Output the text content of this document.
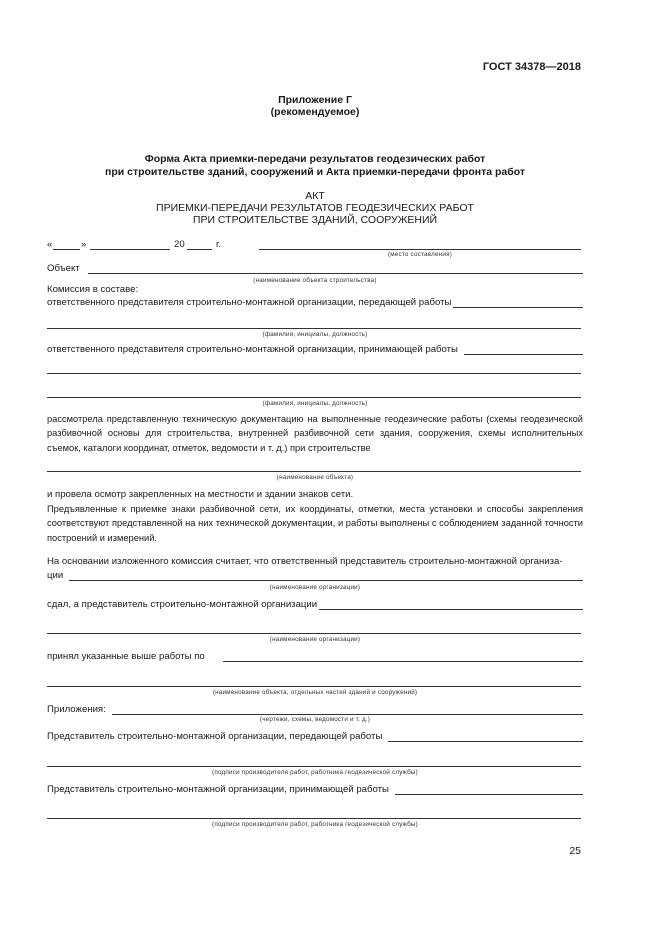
ГОСТ 34378—2018
Приложение Г
(рекомендуемое)
Форма Акта приемки-передачи результатов геодезических работ
при строительстве зданий, сооружений и Акта приемки-передачи фронта работ
АКТ
ПРИЕМКИ-ПЕРЕДАЧИ РЕЗУЛЬТАТОВ ГЕОДЕЗИЧЕСКИХ РАБОТ
ПРИ СТРОИТЕЛЬСТВЕ ЗДАНИЙ, СООРУЖЕНИЙ
«	»	20	г.
(место составления)
Объект
(наименование объекта строительства)
Комиссия в составе:
ответственного представителя строительно-монтажной организации, передающей работы
(фамилия, инициалы, должность)
ответственного представителя строительно-монтажной организации, принимающей работы
(фамилия, инициалы, должность)
рассмотрела представленную техническую документацию на выполненные геодезические работы (схемы геодезической разбивочной основы для строительства, внутренней разбивочной сети здания, сооружения, схемы исполнительных съемок, каталоги координат, отметок, ведомости и т. д.) при строительстве
(наименование объекта)
и провела осмотр закрепленных на местности и здании знаков сети.
Предъявленные к приемке знаки разбивочной сети, их координаты, отметки, места установки и способы закрепления соответствуют представленной на них технической документации, и работы выполнены с соблюдением заданной точности построений и измерений.
На основании изложенного комиссия считает, что ответственный представитель строительно-монтажной организа-
ции
(наименование организации)
сдал, а представитель строительно-монтажной организации
(наименование организации)
принял указанные выше работы по
(наименование объекта, отдельных частей зданий и сооружений)
Приложения:
(чертежи, схемы, ведомости и т. д.)
Представитель строительно-монтажной организации, передающей работы
(подписи производителя работ, работника геодезической службы)
Представитель строительно-монтажной организации, принимающей работы
(подписи производителя работ, работника геодезической службы)
25
